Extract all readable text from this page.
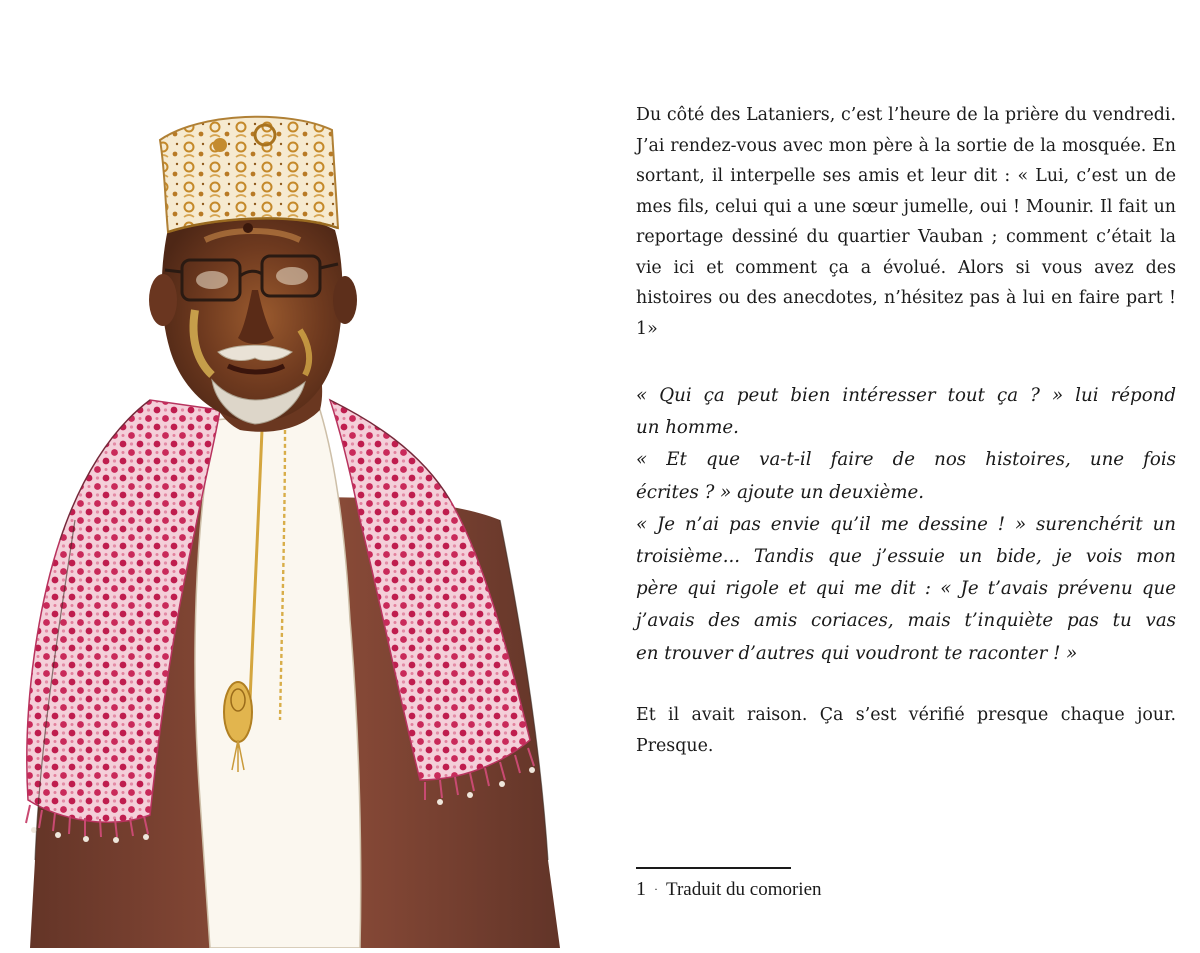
Du côté des Lataniers, c’est l’heure de la prière du vendredi. J’ai rendez-vous avec mon père à la sortie de la mosquée. En sortant, il interpelle ses amis et leur dit : « Lui, c’est un de mes fils, celui qui a une sœur jumelle, oui ! Mounir. Il fait un reportage dessiné du quartier Vauban ; comment c’était la vie ici et comment ça a évolué. Alors si vous avez des histoires ou des anecdotes, n’hésitez pas à lui en faire part ! 1»

« Qui ça peut bien intéresser tout ça ? » lui répond
un homme.
« Et que va-t-il faire de nos histoires, une fois
écrites ? » ajoute un deuxième.
« Je n’ai pas envie qu’il me dessine ! » surenchérit un
troisième... Tandis que j’essuie un bide, je vois mon
père qui rigole et qui me dit : « Je t’avais prévenu que
j’avais des amis coriaces, mais t’inquiète pas tu vas
en trouver d’autres qui voudront te raconter ! »

Et il avait raison. Ça s’est vérifié presque chaque jour. Presque.

1 · Traduit du comorien
